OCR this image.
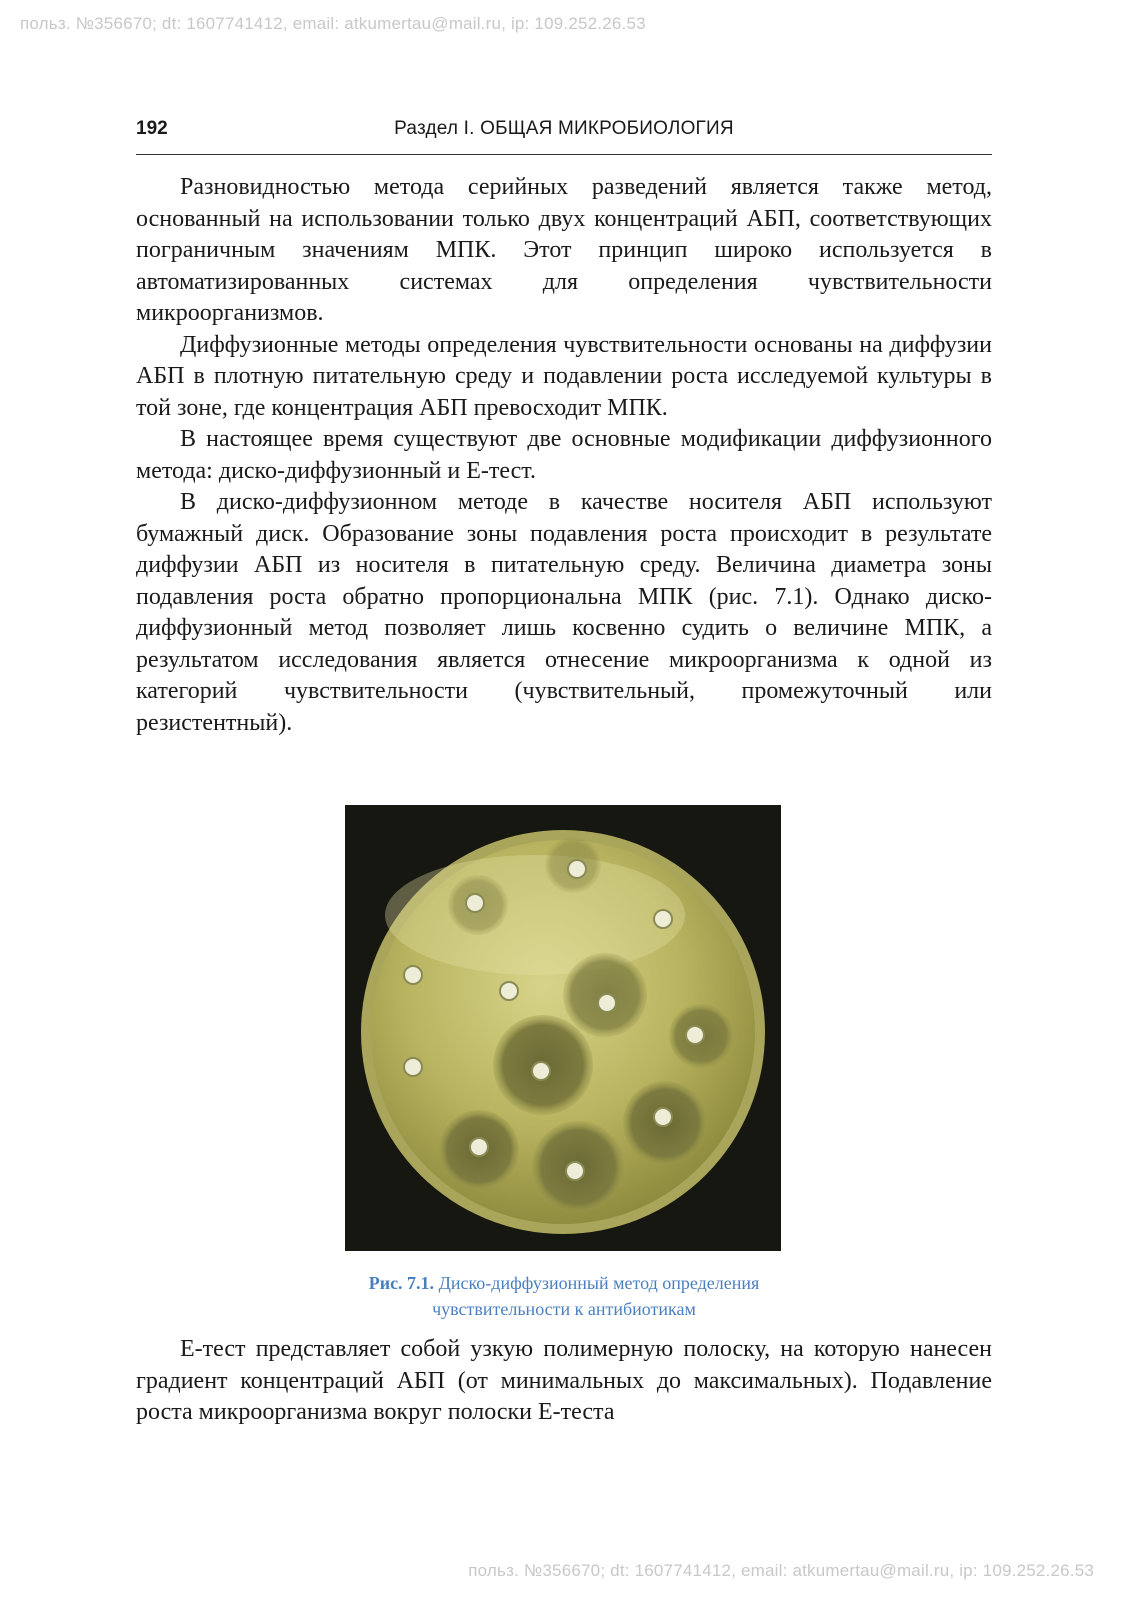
польз. №356670; dt: 1607741412, email: atkumertau@mail.ru, ip: 109.252.26.53
192	Раздел I. ОБЩАЯ МИКРОБИОЛОГИЯ

Разновидностью метода серийных разведений является также метод, основанный на использовании только двух концентраций АБП, соответствующих пограничным значениям МПК. Этот принцип широко используется в автоматизированных системах для определения чувствительности микроорганизмов.

Диффузионные методы определения чувствительности основаны на диффузии АБП в плотную питательную среду и подавлении роста исследуемой культуры в той зоне, где концентрация АБП превосходит МПК.

В настоящее время существуют две основные модификации диффузионного метода: диско-диффузионный и Е-тест.

В диско-диффузионном методе в качестве носителя АБП используют бумажный диск. Образование зоны подавления роста происходит в результате диффузии АБП из носителя в питательную среду. Величина диаметра зоны подавления роста обратно пропорциональна МПК (рис. 7.1). Однако диско-диффузионный метод позволяет лишь косвенно судить о величине МПК, а результатом исследования является отнесение микроорганизма к одной из категорий чувствительности (чувствительный, промежуточный или резистентный).

Рис. 7.1. Диско-диффузионный метод определения
чувствительности к антибиотикам

Е-тест представляет собой узкую полимерную полоску, на которую нанесен градиент концентраций АБП (от минимальных до максимальных). Подавление роста микроорганизма вокруг полоски Е-теста

польз. №356670; dt: 1607741412, email: atkumertau@mail.ru, ip: 109.252.26.53
